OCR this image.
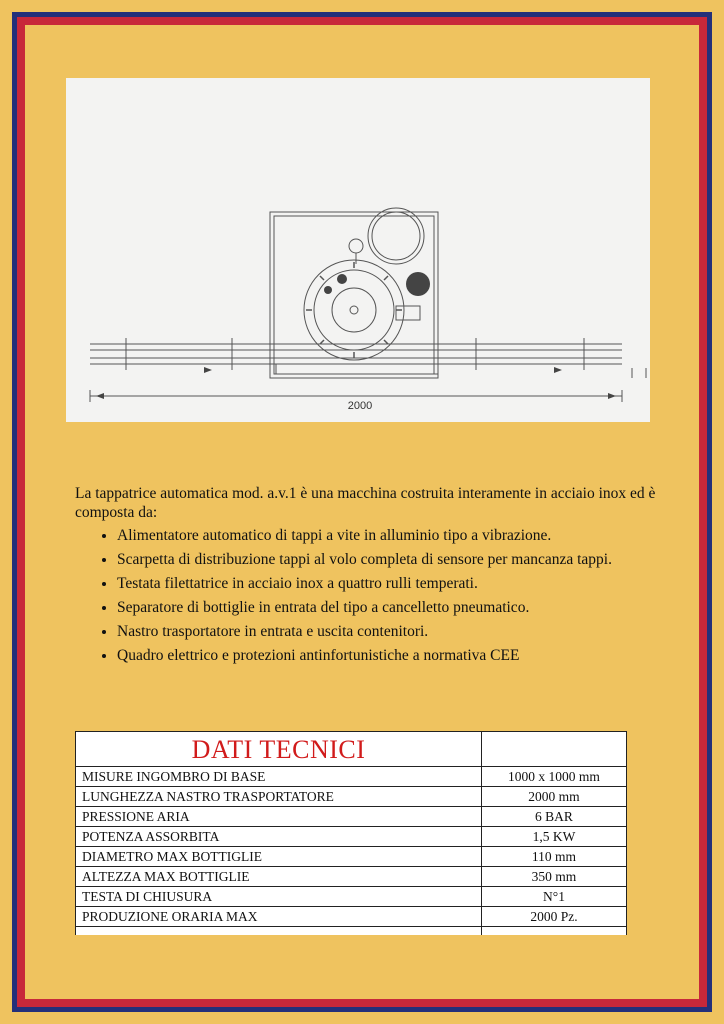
2000

La tappatrice automatica mod. a.v.1 è una macchina costruita interamente in acciaio inox ed è composta da:

• Alimentatore automatico di tappi a vite in alluminio tipo a vibrazione.
• Scarpetta di distribuzione tappi al volo completa di sensore per mancanza tappi.
• Testata filettatrice in acciaio inox a quattro rulli temperati.
• Separatore di bottiglie in entrata del tipo a cancelletto pneumatico.
• Nastro trasportatore in entrata e uscita contenitori.
• Quadro elettrico e protezioni antinfortunistiche a normativa CEE
DATI TECNICI	
MISURE INGOMBRO DI BASE	1000 x 1000 mm
LUNGHEZZA NASTRO TRASPORTATORE	2000 mm
PRESSIONE ARIA	6 BAR
POTENZA ASSORBITA	1,5 KW
DIAMETRO MAX BOTTIGLIE	110 mm
ALTEZZA MAX BOTTIGLIE	350 mm
TESTA DI CHIUSURA	N°1
PRODUZIONE ORARIA MAX	2000 Pz.
